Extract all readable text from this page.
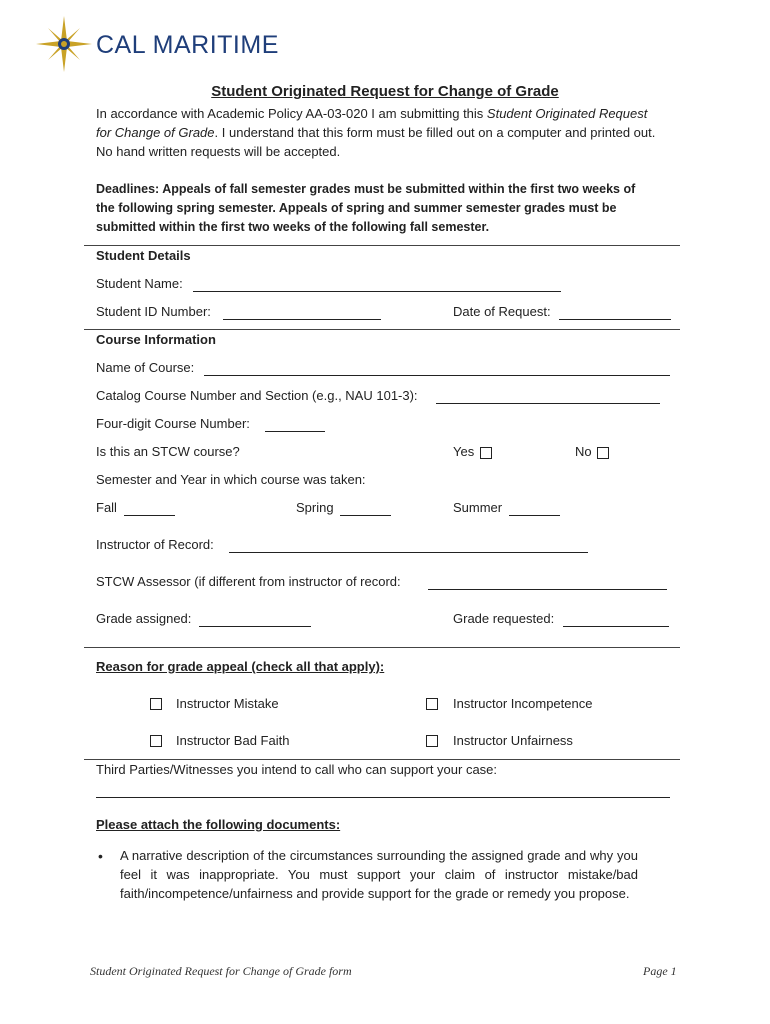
CAL MARITIME
Student Originated Request for Change of Grade
In accordance with Academic Policy AA-03-020 I am submitting this Student Originated Request for Change of Grade. I understand that this form must be filled out on a computer and printed out. No hand written requests will be accepted.
Deadlines: Appeals of fall semester grades must be submitted within the first two weeks of the following spring semester. Appeals of spring and summer semester grades must be submitted within the first two weeks of the following fall semester.
Student Details
Student Name:
Student ID Number:	Date of Request:
Course Information
Name of Course:
Catalog Course Number and Section (e.g., NAU 101-3):
Four-digit Course Number:
Is this an STCW course?	Yes	No
Semester and Year in which course was taken:
Fall	Spring	Summer
Instructor of Record:
STCW Assessor (if different from instructor of record:
Grade assigned:	Grade requested:
Reason for grade appeal (check all that apply):
Instructor Mistake	Instructor Incompetence
Instructor Bad Faith	Instructor Unfairness
Third Parties/Witnesses you intend to call who can support your case:
Please attach the following documents:
• A narrative description of the circumstances surrounding the assigned grade and why you feel it was inappropriate. You must support your claim of instructor mistake/bad faith/incompetence/unfairness and provide support for the grade or remedy you propose.
Student Originated Request for Change of Grade form	Page 1
